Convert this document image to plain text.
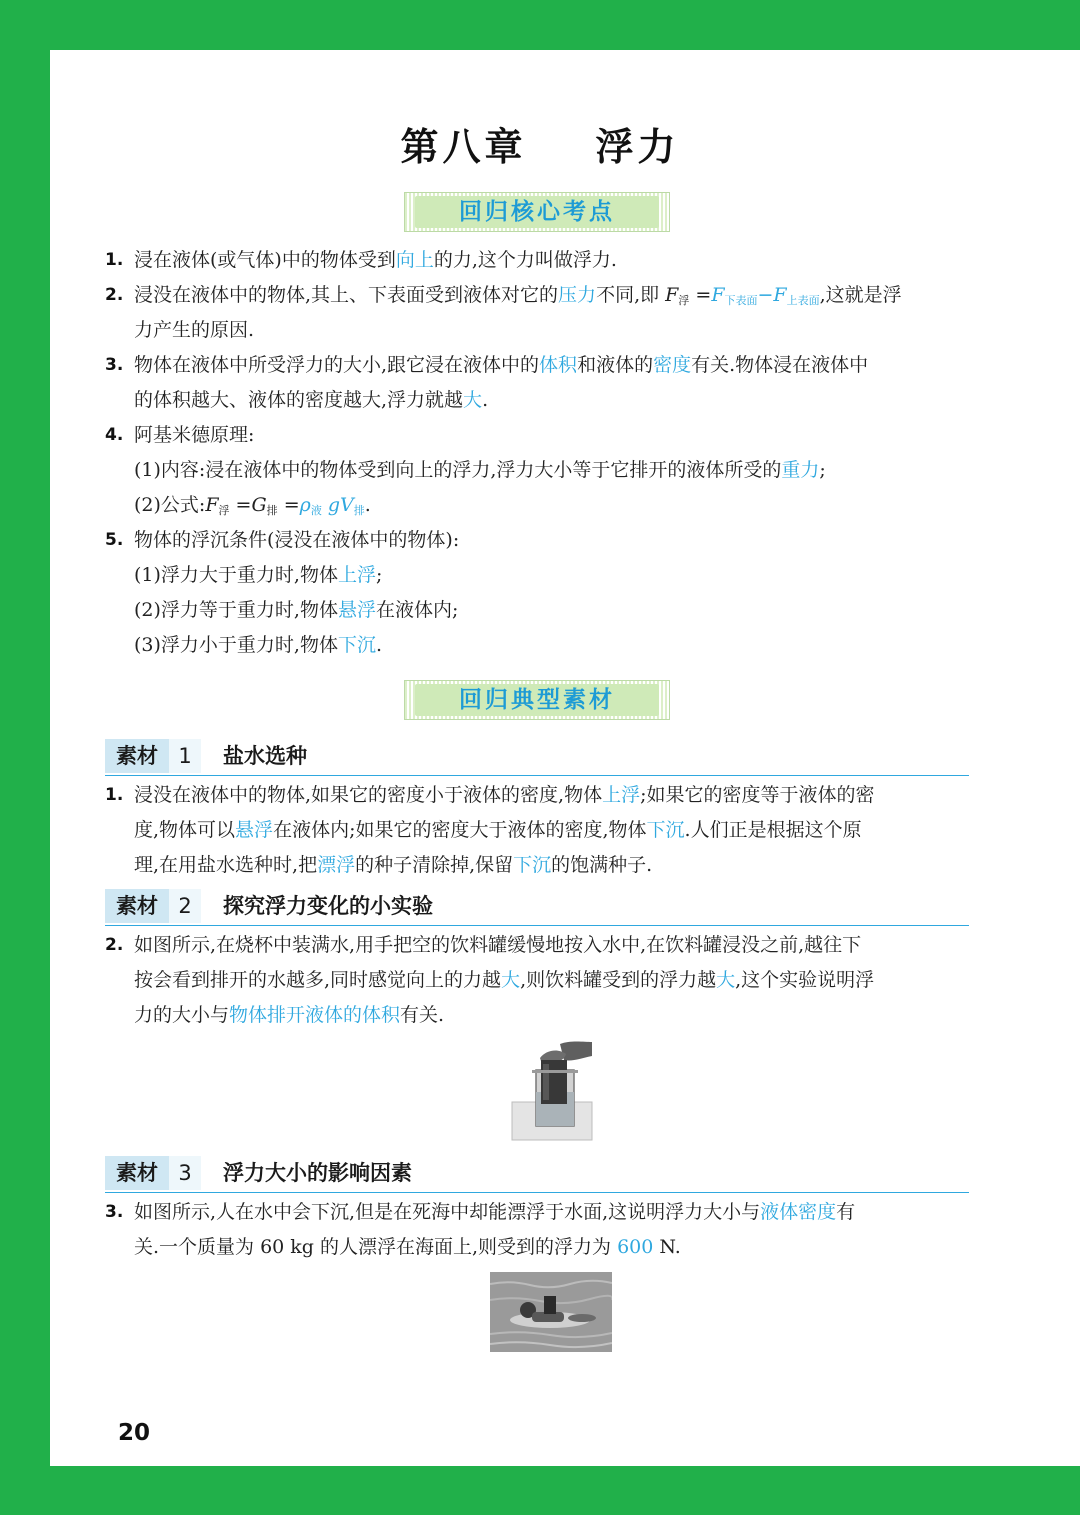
第八章    浮力
回归核心考点
1. 浸在液体(或气体)中的物体受到向上的力,这个力叫做浮力.
2. 浸没在液体中的物体,其上、下表面受到液体对它的压力不同,即 $F_浮 =F_{下表面}-F_{上表面}$,这就是浮
力产生的原因.
3. 物体在液体中所受浮力的大小,跟它浸在液体中的体积和液体的密度有关.物体浸在液体中
的体积越大、液体的密度越大,浮力就越大.
4. 阿基米德原理:
(1)内容:浸在液体中的物体受到向上的浮力,浮力大小等于它排开的液体所受的重力;
(2)公式$:F_浮 =G_排 =\rho_液$ $gV_排$.
5. 物体的浮沉条件(浸没在液体中的物体):
(1)浮力大于重力时,物体上浮;
(2)浮力等于重力时,物体悬浮在液体内;
(3)浮力小于重力时,物体下沉.
回归典型素材
素材 1	盐水选种
1. 浸没在液体中的物体,如果它的密度小于液体的密度,物体上浮;如果它的密度等于液体的密
度,物体可以悬浮在液体内;如果它的密度大于液体的密度,物体下沉.人们正是根据这个原
理,在用盐水选种时,把漂浮的种子清除掉,保留下沉的饱满种子.
素材 2	探究浮力变化的小实验
2. 如图所示,在烧杯中装满水,用手把空的饮料罐缓慢地按入水中,在饮料罐浸没之前,越往下
按会看到排开的水越多,同时感觉向上的力越大,则饮料罐受到的浮力越大,这个实验说明浮
力的大小与物体排开液体的体积有关.
素材 3	浮力大小的影响因素
3. 如图所示,人在水中会下沉,但是在死海中却能漂浮于水面,这说明浮力大小与液体密度有
关.一个质量为 60 kg 的人漂浮在海面上,则受到的浮力为 600 N.
20
